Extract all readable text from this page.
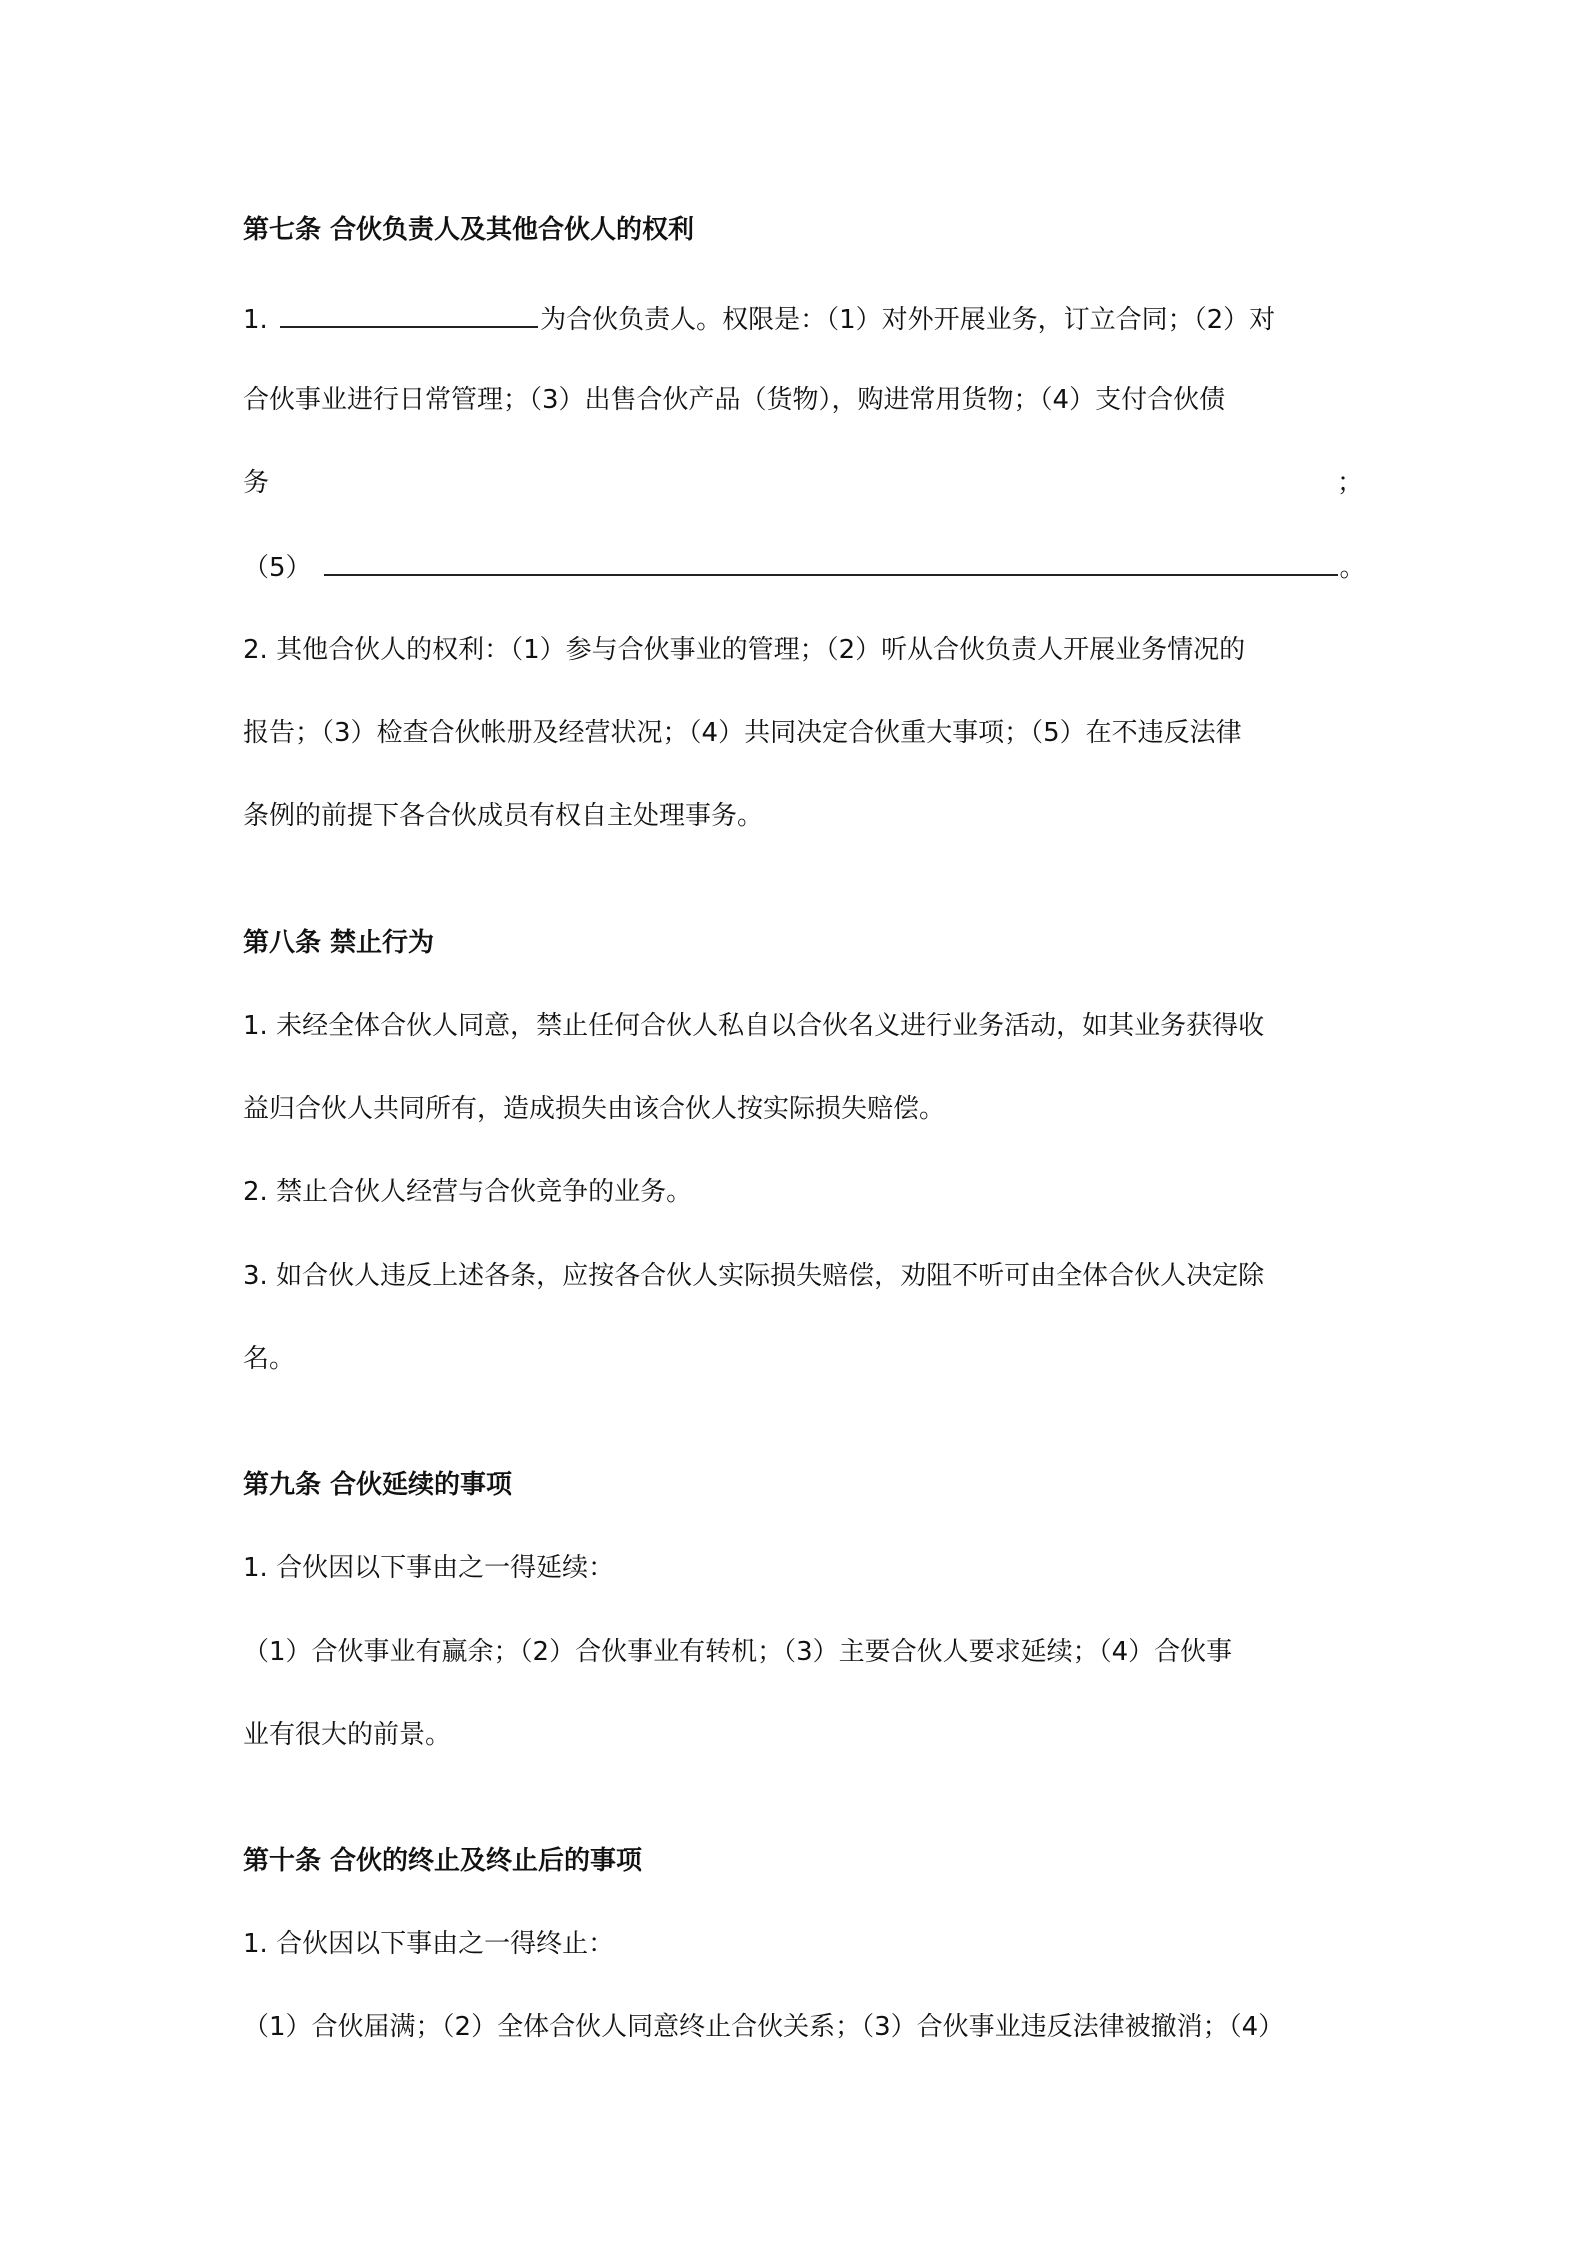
第七条 合伙负责人及其他合伙人的权利
1.	为合伙负责人。权限是：（1）对外开展业务，订立合同；（2）对
合伙事业进行日常管理；（3）出售合伙产品（货物），购进常用货物；（4）支付合伙债
务	；
（5）	。
2. 其他合伙人的权利：（1）参与合伙事业的管理；（2）听从合伙负责人开展业务情况的
报告；（3）检查合伙帐册及经营状况；（4）共同决定合伙重大事项；（5）在不违反法律
条例的前提下各合伙成员有权自主处理事务。
第八条 禁止行为
1. 未经全体合伙人同意，禁止任何合伙人私自以合伙名义进行业务活动，如其业务获得收
益归合伙人共同所有，造成损失由该合伙人按实际损失赔偿。
2. 禁止合伙人经营与合伙竞争的业务。
3. 如合伙人违反上述各条，应按各合伙人实际损失赔偿，劝阻不听可由全体合伙人决定除
名。
第九条 合伙延续的事项
1. 合伙因以下事由之一得延续：
（1）合伙事业有赢余；（2）合伙事业有转机；（3）主要合伙人要求延续；（4）合伙事
业有很大的前景。
第十条 合伙的终止及终止后的事项
1. 合伙因以下事由之一得终止：
（1）合伙届满；（2）全体合伙人同意终止合伙关系；（3）合伙事业违反法律被撤消；（4）
